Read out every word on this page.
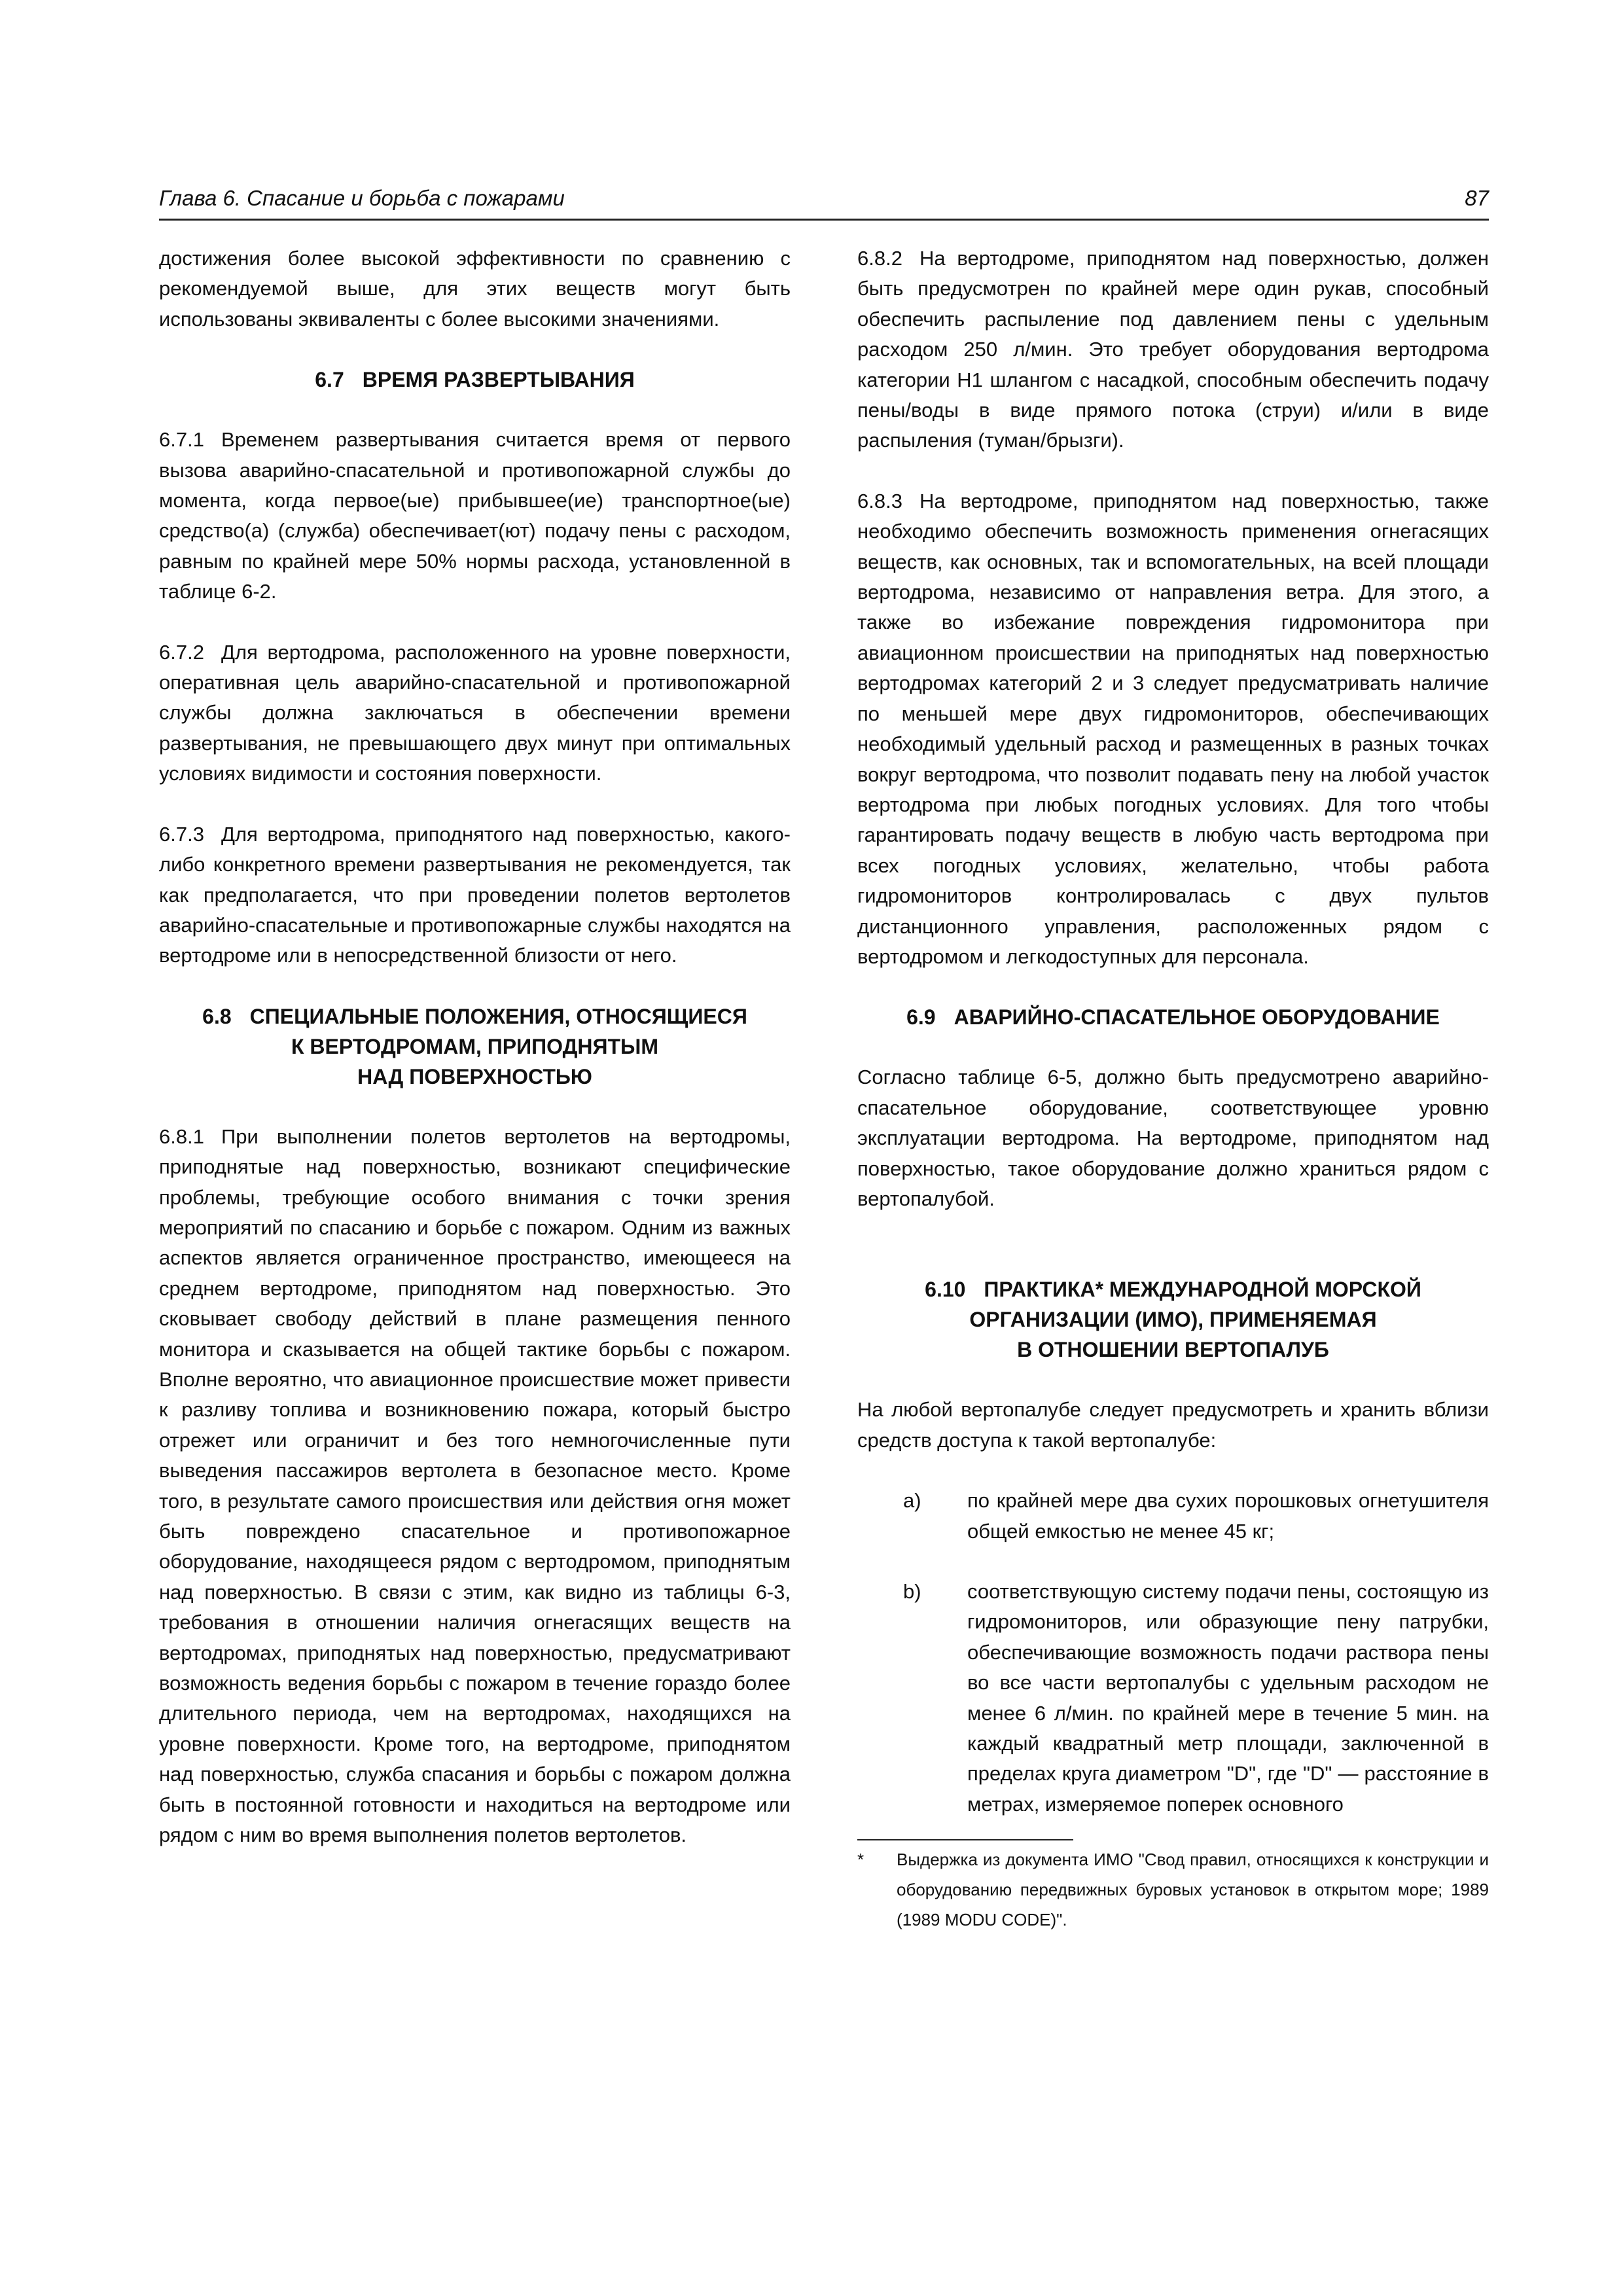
Глава 6. Спасание и борьба с пожарами	87

достижения более высокой эффективности по сравнению с рекомендуемой выше, для этих веществ могут быть использованы эквиваленты с более высокими значениями.

6.7 ВРЕМЯ РАЗВЕРТЫВАНИЯ

6.7.1 Временем развертывания считается время от первого вызова аварийно-спасательной и противопожарной службы до момента, когда первое(ые) прибывшее(ие) транспортное(ые) средство(а) (служба) обеспечивает(ют) подачу пены с расходом, равным по крайней мере 50% нормы расхода, установленной в таблице 6-2.

6.7.2 Для вертодрома, расположенного на уровне поверхности, оперативная цель аварийно-спасательной и противопожарной службы должна заключаться в обеспечении времени развертывания, не превышающего двух минут при оптимальных условиях видимости и состояния поверхности.

6.7.3 Для вертодрома, приподнятого над поверхностью, какого-либо конкретного времени развертывания не рекомендуется, так как предполагается, что при проведении полетов вертолетов аварийно-спасательные и противопожарные службы находятся на вертодроме или в непосредственной близости от него.

6.8 СПЕЦИАЛЬНЫЕ ПОЛОЖЕНИЯ, ОТНОСЯЩИЕСЯ
К ВЕРТОДРОМАМ, ПРИПОДНЯТЫМ
НАД ПОВЕРХНОСТЬЮ

6.8.1 При выполнении полетов вертолетов на вертодромы, приподнятые над поверхностью, возникают специфические проблемы, требующие особого внимания с точки зрения мероприятий по спасанию и борьбе с пожаром. Одним из важных аспектов является ограниченное пространство, имеющееся на среднем вертодроме, приподнятом над поверхностью. Это сковывает свободу действий в плане размещения пенного монитора и сказывается на общей тактике борьбы с пожаром. Вполне вероятно, что авиационное происшествие может привести к разливу топлива и возникновению пожара, который быстро отрежет или ограничит и без того немногочисленные пути выведения пассажиров вертолета в безопасное место. Кроме того, в результате самого происшествия или действия огня может быть повреждено спасательное и противопожарное оборудование, находящееся рядом с вертодромом, приподнятым над поверхностью. В связи с этим, как видно из таблицы 6-3, требования в отношении наличия огнегасящих веществ на вертодромах, приподнятых над поверхностью, предусматривают возможность ведения борьбы с пожаром в течение гораздо более длительного периода, чем на вертодромах, находящихся на уровне поверхности. Кроме того, на вертодроме, приподнятом над поверхностью, служба спасания и борьбы с пожаром должна быть в постоянной готовности и находиться на вертодроме или рядом с ним во время выполнения полетов вертолетов.

6.8.2 На вертодроме, приподнятом над поверхностью, должен быть предусмотрен по крайней мере один рукав, способный обеспечить распыление под давлением пены с удельным расходом 250 л/мин. Это требует оборудования вертодрома категории H1 шлангом с насадкой, способным обеспечить подачу пены/воды в виде прямого потока (струи) и/или в виде распыления (туман/брызги).

6.8.3 На вертодроме, приподнятом над поверхностью, также необходимо обеспечить возможность применения огнегасящих веществ, как основных, так и вспомогательных, на всей площади вертодрома, независимо от направления ветра. Для этого, а также во избежание повреждения гидромонитора при авиационном происшествии на приподнятых над поверхностью вертодромах категорий 2 и 3 следует предусматривать наличие по меньшей мере двух гидромониторов, обеспечивающих необходимый удельный расход и размещенных в разных точках вокруг вертодрома, что позволит подавать пену на любой участок вертодрома при любых погодных условиях. Для того чтобы гарантировать подачу веществ в любую часть вертодрома при всех погодных условиях, желательно, чтобы работа гидромониторов контролировалась с двух пультов дистанционного управления, расположенных рядом с вертодромом и легкодоступных для персонала.

6.9 АВАРИЙНО-СПАСАТЕЛЬНОЕ ОБОРУДОВАНИЕ

Согласно таблице 6-5, должно быть предусмотрено аварийно-спасательное оборудование, соответствующее уровню эксплуатации вертодрома. На вертодроме, приподнятом над поверхностью, такое оборудование должно храниться рядом с вертопалубой.

6.10 ПРАКТИКА* МЕЖДУНАРОДНОЙ МОРСКОЙ
ОРГАНИЗАЦИИ (ИМО), ПРИМЕНЯЕМАЯ
В ОТНОШЕНИИ ВЕРТОПАЛУБ

На любой вертопалубе следует предусмотреть и хранить вблизи средств доступа к такой вертопалубе:

a)	по крайней мере два сухих порошковых огнетушителя общей емкостью не менее 45 кг;
b)	соответствующую систему подачи пены, состоящую из гидромониторов, или образующие пену патрубки, обеспечивающие возможность подачи раствора пены во все части вертопалубы с удельным расходом не менее 6 л/мин. по крайней мере в течение 5 мин. на каждый квадратный метр площади, заключенной в пределах круга диаметром "D", где "D" — расстояние в метрах, измеряемое поперек основного
*	Выдержка из документа ИМО "Свод правил, относящихся к конструкции и оборудованию передвижных буровых установок в открытом море; 1989 (1989 MODU CODE)".
